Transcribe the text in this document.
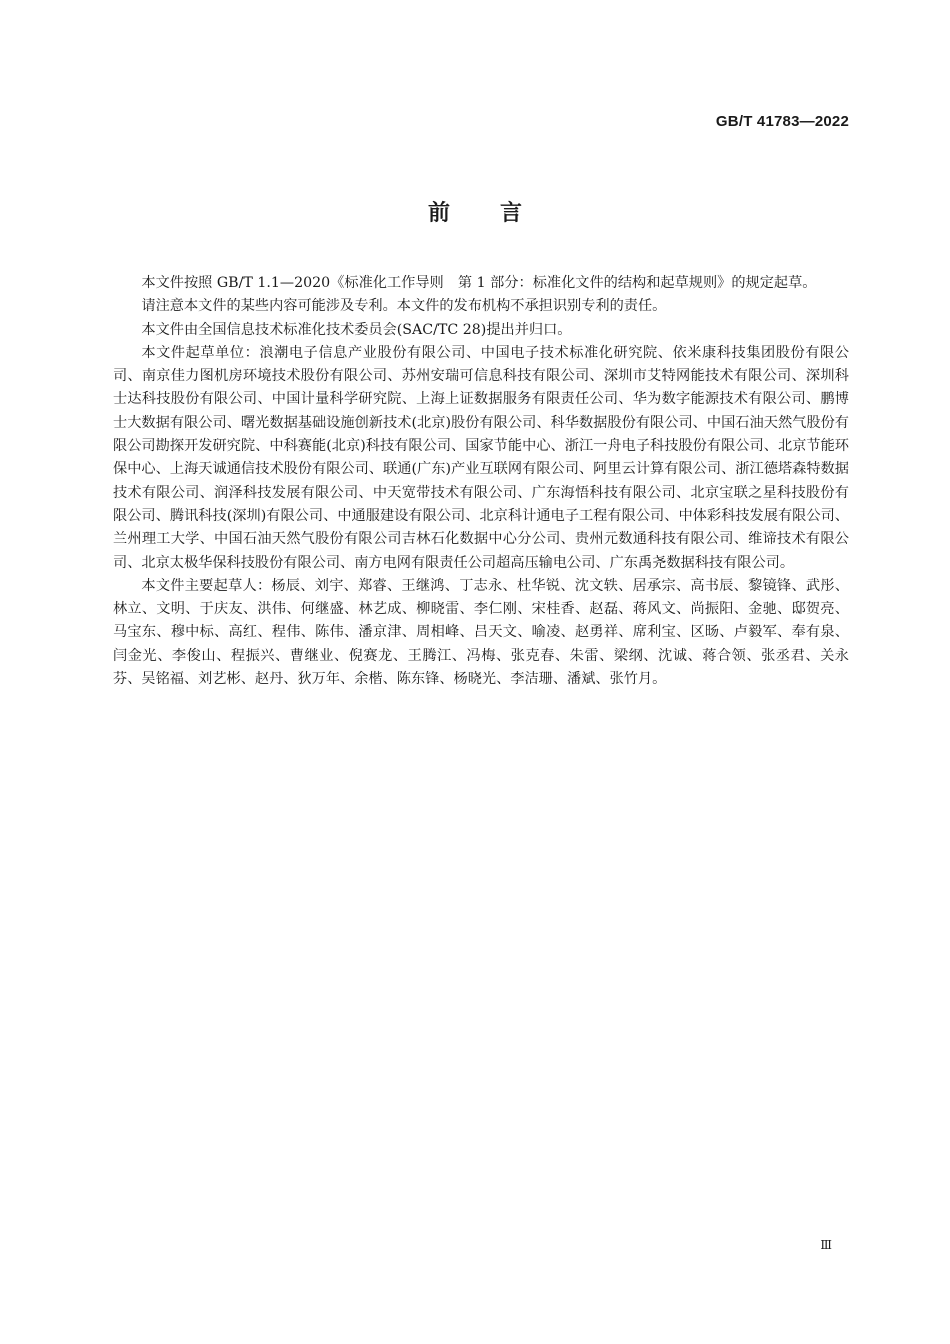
GB/T 41783—2022
前言

本文件按照 GB/T 1.1—2020《标准化工作导则　第 1 部分：标准化文件的结构和起草规则》的规定起草。

请注意本文件的某些内容可能涉及专利。本文件的发布机构不承担识别专利的责任。

本文件由全国信息技术标准化技术委员会(SAC/TC 28)提出并归口。

本文件起草单位：浪潮电子信息产业股份有限公司、中国电子技术标准化研究院、依米康科技集团股份有限公司、南京佳力图机房环境技术股份有限公司、苏州安瑞可信息科技有限公司、深圳市艾特网能技术有限公司、深圳科士达科技股份有限公司、中国计量科学研究院、上海上证数据服务有限责任公司、华为数字能源技术有限公司、鹏博士大数据有限公司、曙光数据基础设施创新技术(北京)股份有限公司、科华数据股份有限公司、中国石油天然气股份有限公司勘探开发研究院、中科赛能(北京)科技有限公司、国家节能中心、浙江一舟电子科技股份有限公司、北京节能环保中心、上海天诚通信技术股份有限公司、联通(广东)产业互联网有限公司、阿里云计算有限公司、浙江德塔森特数据技术有限公司、润泽科技发展有限公司、中天宽带技术有限公司、广东海悟科技有限公司、北京宝联之星科技股份有限公司、腾讯科技(深圳)有限公司、中通服建设有限公司、北京科计通电子工程有限公司、中体彩科技发展有限公司、兰州理工大学、中国石油天然气股份有限公司吉林石化数据中心分公司、贵州元数通科技有限公司、维谛技术有限公司、北京太极华保科技股份有限公司、南方电网有限责任公司超高压输电公司、广东禹尧数据科技有限公司。

本文件主要起草人：杨辰、刘宇、郑睿、王继鸿、丁志永、杜华锐、沈文轶、居承宗、高书辰、黎镜锋、武彤、林立、文明、于庆友、洪伟、何继盛、林艺成、柳晓雷、李仁刚、宋桂香、赵磊、蒋风文、尚振阳、金驰、邸贺亮、马宝东、穆中标、高红、程伟、陈伟、潘京津、周相峰、吕天文、喻凌、赵勇祥、席利宝、区旸、卢毅军、奉有泉、闫金光、李俊山、程振兴、曹继业、倪赛龙、王腾江、冯梅、张克春、朱雷、梁纲、沈诚、蒋合领、张丞君、关永芬、吴铭福、刘艺彬、赵丹、狄万年、余楷、陈东锋、杨晓光、李洁珊、潘斌、张竹月。

Ⅲ
